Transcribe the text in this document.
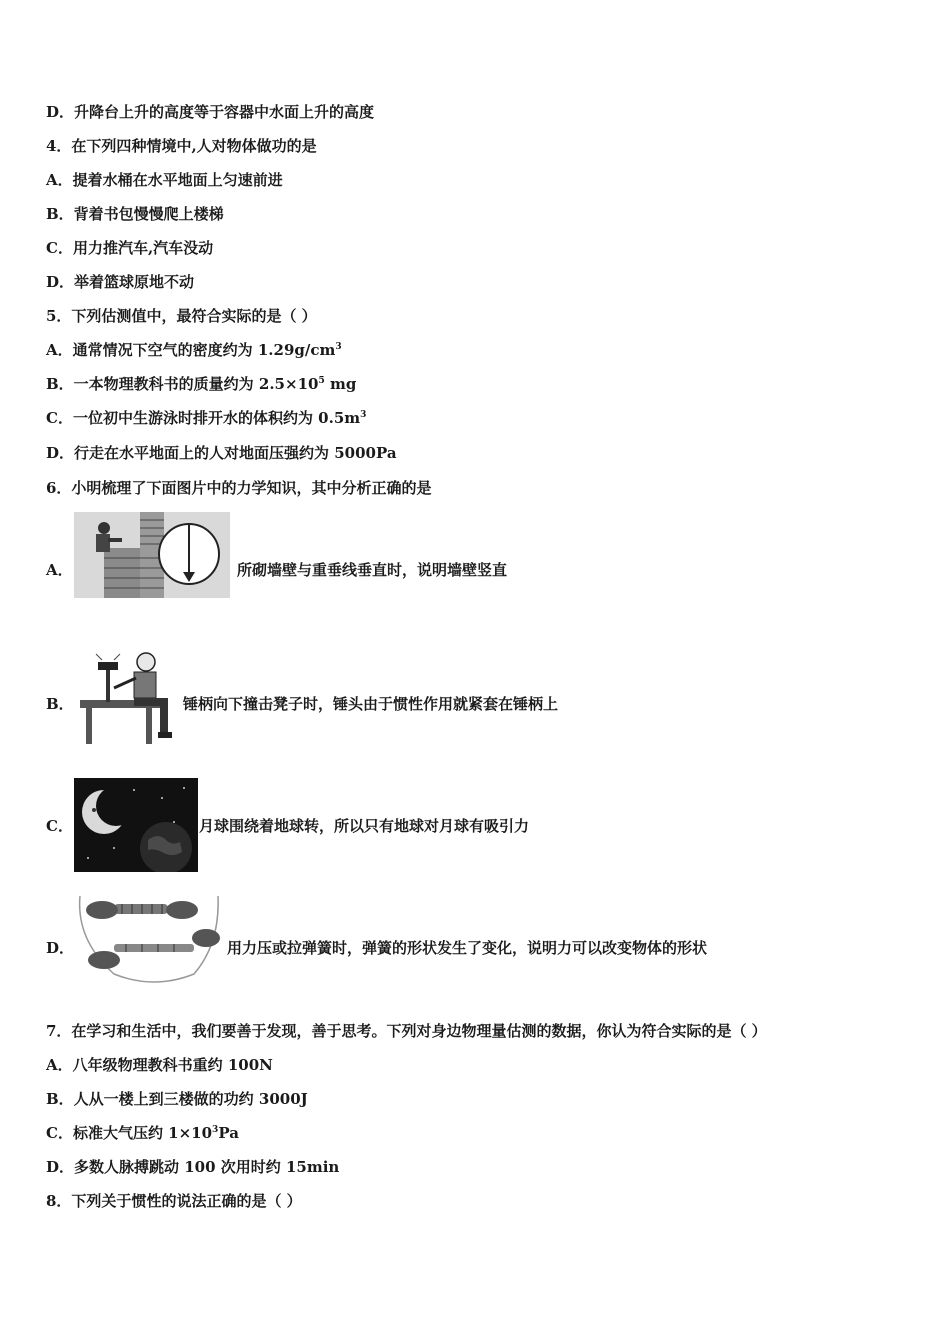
D．升降台上升的高度等于容器中水面上升的高度
4．在下列四种情境中,人对物体做功的是
A．提着水桶在水平地面上匀速前进
B．背着书包慢慢爬上楼梯
C．用力推汽车,汽车没动
D．举着篮球原地不动
5．下列估测值中，最符合实际的是（ ）
A．通常情况下空气的密度约为 $1.29g/cm^3$
B．一本物理教科书的质量约为 $2.5\times 10^5$ mg
C．一位初中生游泳时排开水的体积约为 $0.5m^3$
D．行走在水平地面上的人对地面压强约为 5000Pa
6．小明梳理了下面图片中的力学知识，其中分析正确的是
A．	所砌墙壁与重垂线垂直时，说明墙壁竖直
B．	锤柄向下撞击凳子时，锤头由于惯性作用就紧套在锤柄上
C．	月球围绕着地球转，所以只有地球对月球有吸引力
D．	用力压或拉弹簧时，弹簧的形状发生了变化，说明力可以改变物体的形状
7．在学习和生活中，我们要善于发现，善于思考。下列对身边物理量估测的数据，你认为符合实际的是（ ）
A．八年级物理教科书重约 100N
B．人从一楼上到三楼做的功约 3000J
C．标准大气压约 $1\times 10^3Pa$
D．多数人脉搏跳动 100 次用时约 15min
8．下列关于惯性的说法正确的是（ ）
